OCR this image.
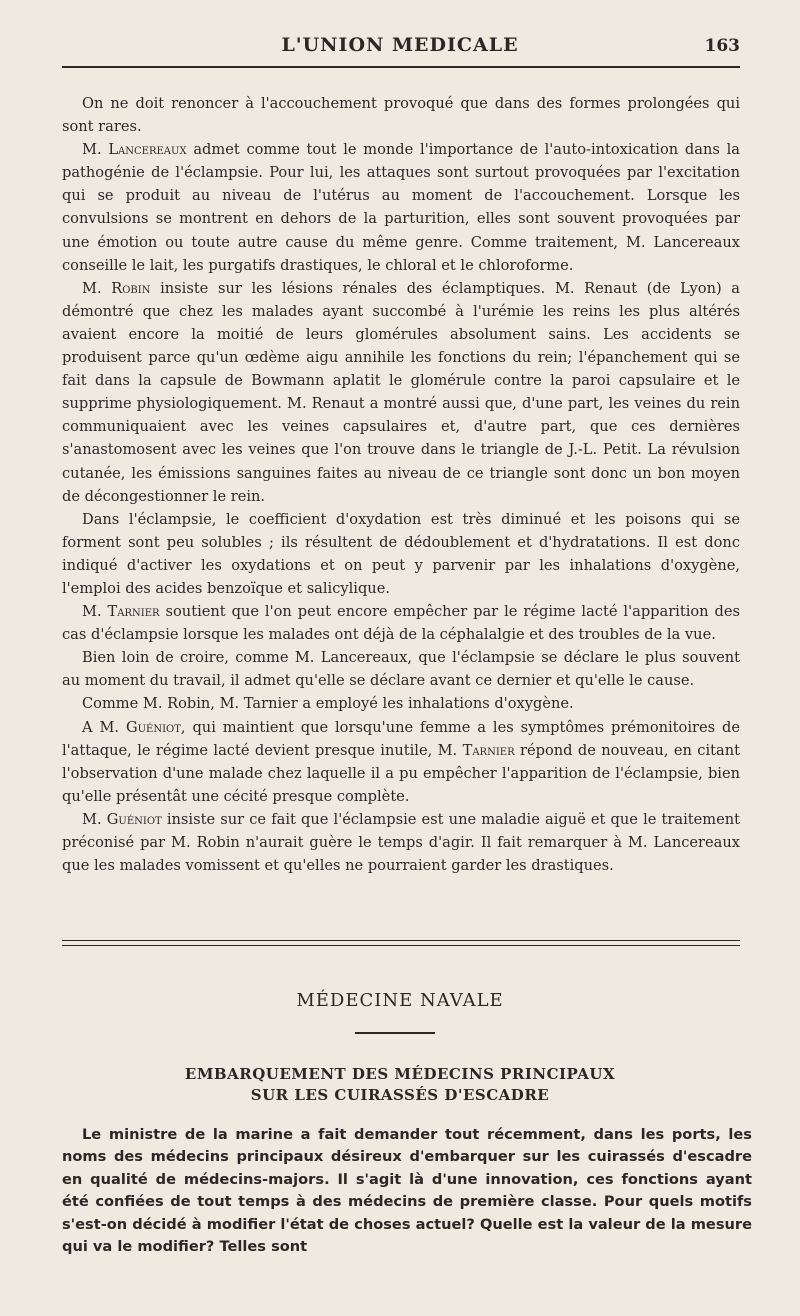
L'UNION MEDICALE	163

On ne doit renoncer à l'accouchement provoqué que dans des formes prolongées qui sont rares.

M. Lancereaux admet comme tout le monde l'importance de l'auto-intoxication dans la pathogénie de l'éclampsie. Pour lui, les attaques sont surtout provoquées par l'excitation qui se produit au niveau de l'utérus au moment de l'accouchement. Lorsque les convulsions se montrent en dehors de la parturition, elles sont souvent provoquées par une émotion ou toute autre cause du même genre. Comme traitement, M. Lancereaux conseille le lait, les purgatifs drastiques, le chloral et le chloroforme.

M. Robin insiste sur les lésions rénales des éclamptiques. M. Renaut (de Lyon) a démontré que chez les malades ayant succombé à l'urémie les reins les plus altérés avaient encore la moitié de leurs glomérules absolument sains. Les accidents se produisent parce qu'un œdème aigu annihile les fonctions du rein; l'épanchement qui se fait dans la capsule de Bowmann aplatit le glomérule contre la paroi capsulaire et le supprime physiologiquement. M. Renaut a montré aussi que, d'une part, les veines du rein communiquaient avec les veines capsulaires et, d'autre part, que ces dernières s'anastomosent avec les veines que l'on trouve dans le triangle de J.-L. Petit. La révulsion cutanée, les émissions sanguines faites au niveau de ce triangle sont donc un bon moyen de décongestionner le rein.

Dans l'éclampsie, le coefficient d'oxydation est très diminué et les poisons qui se forment sont peu solubles ; ils résultent de dédoublement et d'hydratations. Il est donc indiqué d'activer les oxydations et on peut y parvenir par les inhalations d'oxygène, l'emploi des acides benzoïque et salicylique.

M. Tarnier soutient que l'on peut encore empêcher par le régime lacté l'apparition des cas d'éclampsie lorsque les malades ont déjà de la céphalalgie et des troubles de la vue.

Bien loin de croire, comme M. Lancereaux, que l'éclampsie se déclare le plus souvent au moment du travail, il admet qu'elle se déclare avant ce dernier et qu'elle le cause.

Comme M. Robin, M. Tarnier a employé les inhalations d'oxygène.

A M. Guéniot, qui maintient que lorsqu'une femme a les symptômes prémonitoires de l'attaque, le régime lacté devient presque inutile, M. Tarnier répond de nouveau, en citant l'observation d'une malade chez laquelle il a pu empêcher l'apparition de l'éclampsie, bien qu'elle présentât une cécité presque complète.

M. Guéniot insiste sur ce fait que l'éclampsie est une maladie aiguë et que le traitement préconisé par M. Robin n'aurait guère le temps d'agir. Il fait remarquer à M. Lancereaux que les malades vomissent et qu'elles ne pourraient garder les drastiques.

MÉDECINE NAVALE
EMBARQUEMENT DES MÉDECINS PRINCIPAUX
SUR LES CUIRASSÉS D'ESCADRE

Le ministre de la marine a fait demander tout récemment, dans les ports, les noms des médecins principaux désireux d'embarquer sur les cuirassés d'escadre en qualité de médecins-majors. Il s'agit là d'une innovation, ces fonctions ayant été confiées de tout temps à des médecins de première classe. Pour quels motifs s'est-on décidé à modifier l'état de choses actuel? Quelle est la valeur de la mesure qui va le modifier? Telles sont
